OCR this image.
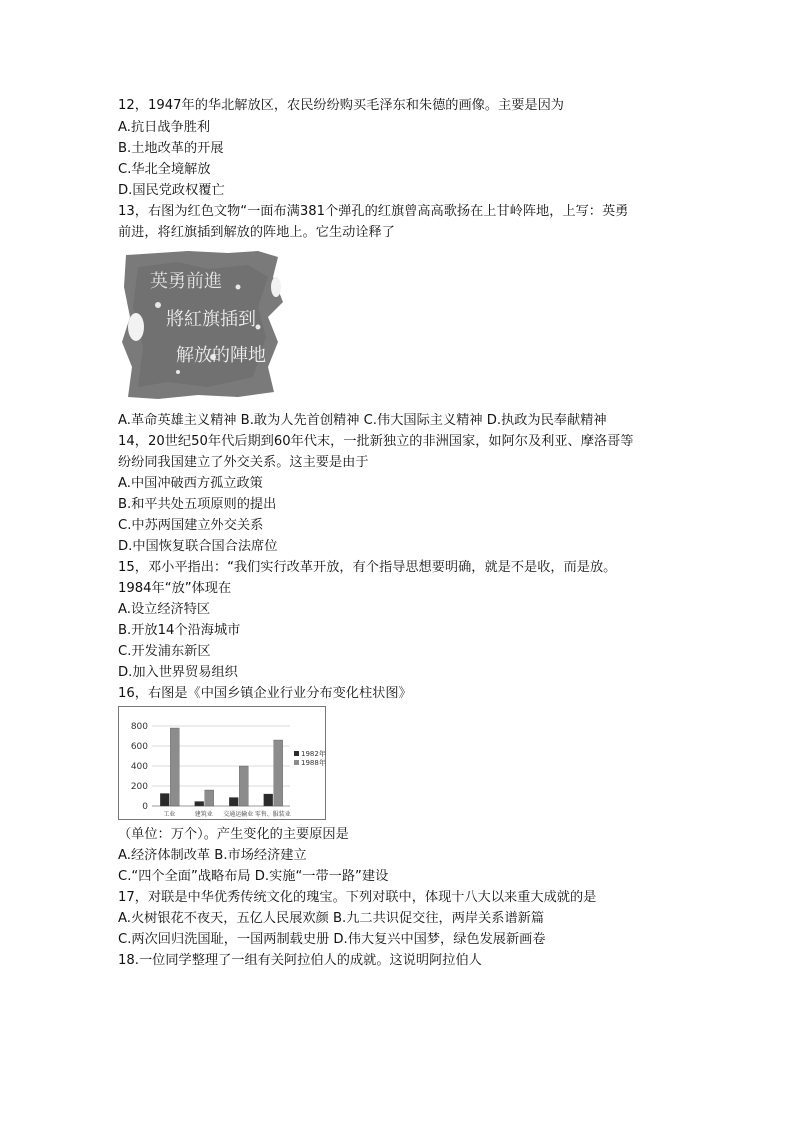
12，1947年的华北解放区，农民纷纷购买毛泽东和朱德的画像。主要是因为
A.抗日战争胜利
B.土地改革的开展
C.华北全境解放
D.国民党政权覆亡
13，右图为红色文物“一面布满381个弹孔的红旗曾高高歌扬在上甘岭阵地，上写：英勇
前进，将红旗插到解放的阵地上。它生动诠释了
英勇前進
將紅旗插到
解放的陣地
A.革命英雄主义精神 B.敢为人先首创精神 C.伟大国际主义精神 D.执政为民奉献精神
14，20世纪50年代后期到60年代末，一批新独立的非洲国家，如阿尔及利亚、摩洛哥等
纷纷同我国建立了外交关系。这主要是由于
A.中国冲破西方孤立政策
B.和平共处五项原则的提出
C.中苏两国建立外交关系
D.中国恢复联合国合法席位
15，邓小平指出：“我们实行改革开放，有个指导思想要明确，就是不是收，而是放。
1984年“放”体现在
A.设立经济特区
B.开放14个沿海城市
C.开发浦东新区
D.加入世界贸易组织
16，右图是《中国乡镇企业行业分布变化柱状图》
800
600
400
200
0
工业	建筑业 交通运输业 零售、服装业
1982年
1988年
（单位：万个）。产生变化的主要原因是
A.经济体制改革 B.市场经济建立
C.“四个全面”战略布局 D.实施“一带一路”建设
17，对联是中华优秀传统文化的瑰宝。下列对联中，体现十八大以来重大成就的是
A.火树银花不夜天，五亿人民展欢颜 B.九二共识促交往，两岸关系谱新篇
C.两次回归洗国耻，一国两制载史册 D.伟大复兴中国梦，绿色发展新画卷
18.一位同学整理了一组有关阿拉伯人的成就。这说明阿拉伯人
